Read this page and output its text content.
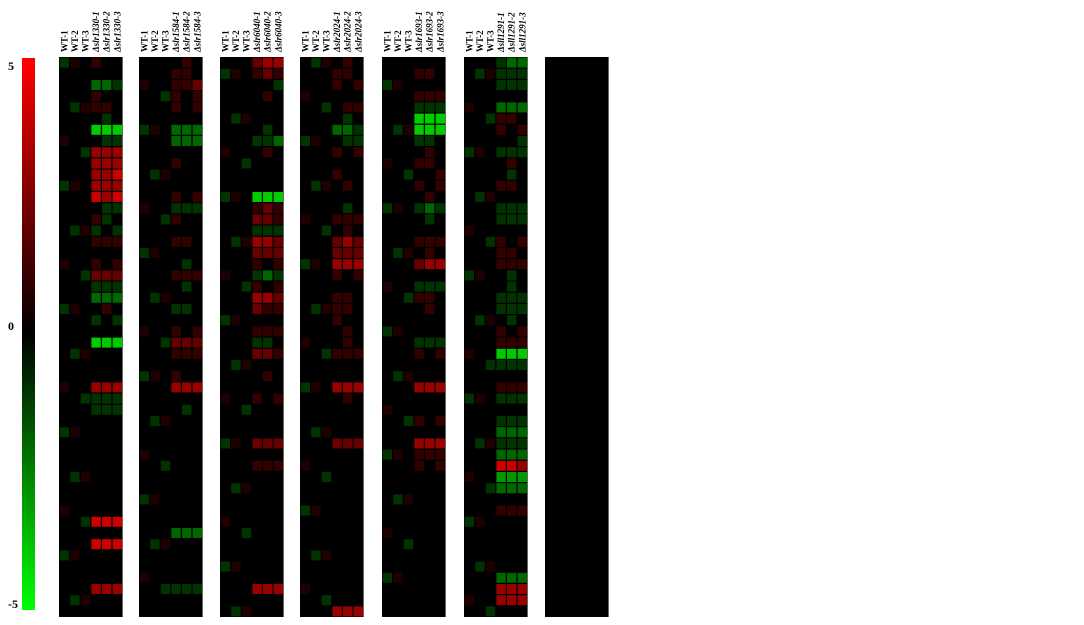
5
0
-5
WT-1 WT-2 WT-3 Δslr1330-1 Δslr1330-2 Δslr1330-3 WT-1 WT-2 WT-3 Δslr1584-1 Δslr1584-2 Δslr1584-3 WT-1 WT-2 WT-3 Δslr6040-1 Δslr6040-2 Δslr6040-3 WT-1 WT-2 WT-3 Δslr2024-1 Δslr2024-2 Δslr2024-3 WT-1 WT-2 WT-3 Δslr1693-1 Δslr1693-2 Δslr1693-3 WT-1 WT-2 WT-3 Δsll1291-1 Δsll1291-2 Δsll1291-3
